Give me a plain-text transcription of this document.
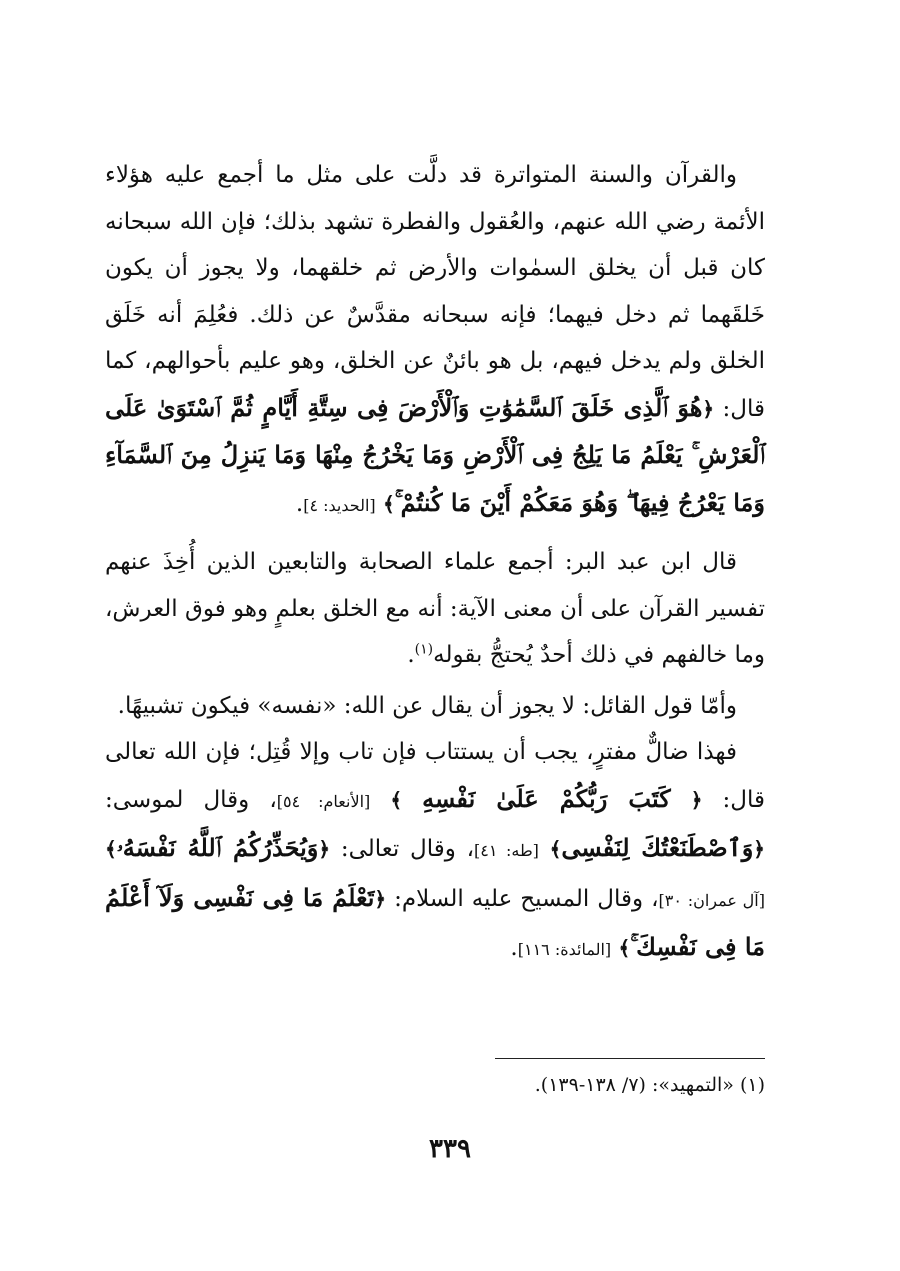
والقرآن والسنة المتواترة قد دلَّت على مثل ما أجمع عليه هؤلاء الأئمة رضي الله عنهم، والعُقول والفطرة تشهد بذلك؛ فإن الله سبحانه كان قبل أن يخلق السمٰوات والأرض ثم خلقهما، ولا يجوز أن يكون خَلقَهما ثم دخل فيهما؛ فإنه سبحانه مقدَّسٌ عن ذلك. فعُلِمَ أنه خَلَق الخلق ولم يدخل فيهم، بل هو بائنٌ عن الخلق، وهو عليم بأحوالهم، كما قال: ﴿هُوَ ٱلَّذِى خَلَقَ ٱلسَّمَٰوَٰتِ وَٱلْأَرْضَ فِى سِتَّةِ أَيَّامٍ ثُمَّ ٱسْتَوَىٰ عَلَى ٱلْعَرْشِ ۚ يَعْلَمُ مَا يَلِجُ فِى ٱلْأَرْضِ وَمَا يَخْرُجُ مِنْهَا وَمَا يَنزِلُ مِنَ ٱلسَّمَآءِ وَمَا يَعْرُجُ فِيهَا ۖ وَهُوَ مَعَكُمْ أَيْنَ مَا كُنتُمْ ۚ﴾ [الحديد: ٤].

قال ابن عبد البر: أجمع علماء الصحابة والتابعين الذين أُخِذَ عنهم تفسير القرآن على أن معنى الآية: أنه مع الخلق بعلمٍ وهو فوق العرش، وما خالفهم في ذلك أحدٌ يُحتجُّ بقوله$^{(١)}$.

وأمّا قول القائل: لا يجوز أن يقال عن الله: «نفسه» فيكون تشبيهًا.

فهذا ضالٌّ مفترٍ، يجب أن يستتاب فإن تاب وإلا قُتِل؛ فإن الله تعالى قال: ﴿ كَتَبَ رَبُّكُمْ عَلَىٰ نَفْسِهِ ﴾ [الأنعام: ٥٤]، وقال لموسى: ﴿وَٱصْطَنَعْتُكَ لِنَفْسِى﴾ [طه: ٤١]، وقال تعالى: ﴿وَيُحَذِّرُكُمُ ٱللَّهُ نَفْسَهُۥ﴾ [آل عمران: ٣٠]، وقال المسيح عليه السلام: ﴿تَعْلَمُ مَا فِى نَفْسِى وَلَآ أَعْلَمُ مَا فِى نَفْسِكَ ۚ﴾ [المائدة: ١١٦].

(١) «التمهيد»: (٧/ ١٣٨-١٣٩).
٣٣٩
